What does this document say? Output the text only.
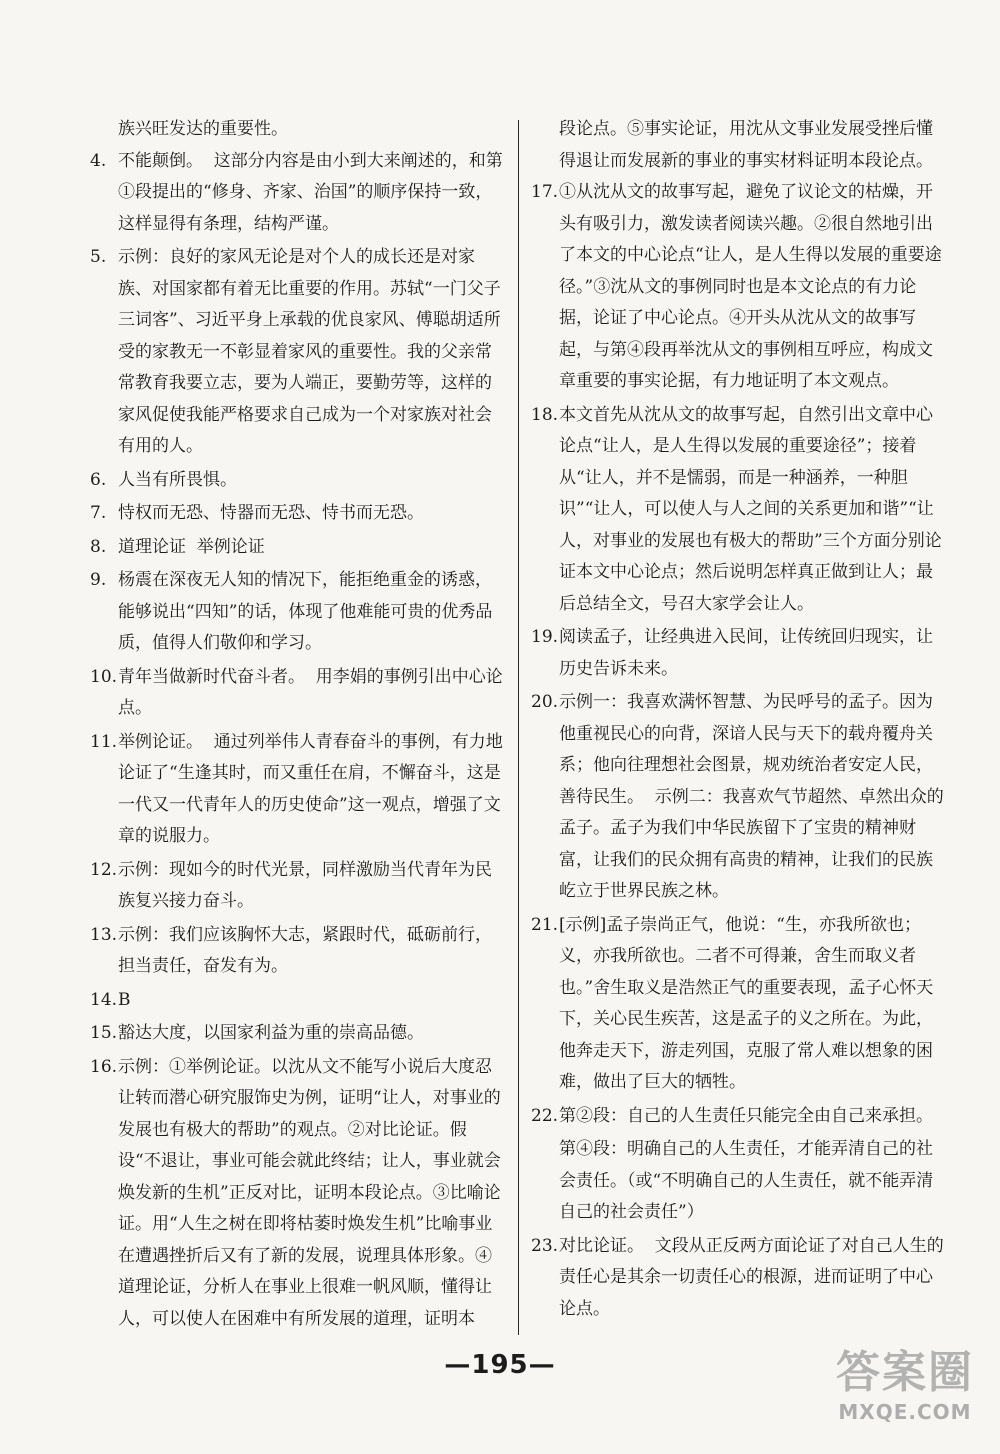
族兴旺发达的重要性。
4. 不能颠倒。  这部分内容是由小到大来阐述的，和第①段提出的“修身、齐家、治国”的顺序保持一致，这样显得有条理，结构严谨。
5. 示例：良好的家风无论是对个人的成长还是对家族、对国家都有着无比重要的作用。苏轼“一门父子三词客”、习近平身上承载的优良家风、傅聪胡适所受的家教无一不彰显着家风的重要性。我的父亲常常教育我要立志，要为人端正，要勤劳等，这样的家风促使我能严格要求自己成为一个对家族对社会有用的人。
6. 人当有所畏惧。
7. 恃权而无恐、恃器而无恐、恃书而无恐。
8. 道理论证  举例论证
9. 杨震在深夜无人知的情况下，能拒绝重金的诱惑，能够说出“四知”的话，体现了他难能可贵的优秀品质，值得人们敬仰和学习。
10. 青年当做新时代奋斗者。  用李娟的事例引出中心论点。
11. 举例论证。  通过列举伟人青春奋斗的事例，有力地论证了“生逢其时，而又重任在肩，不懈奋斗，这是一代又一代青年人的历史使命”这一观点，增强了文章的说服力。
12. 示例：现如今的时代光景，同样激励当代青年为民族复兴接力奋斗。
13. 示例：我们应该胸怀大志，紧跟时代，砥砺前行，担当责任，奋发有为。
14. B
15. 豁达大度，以国家利益为重的崇高品德。
16. 示例：①举例论证。以沈从文不能写小说后大度忍让转而潜心研究服饰史为例，证明“让人，对事业的发展也有极大的帮助”的观点。②对比论证。假设“不退让，事业可能会就此终结；让人，事业就会焕发新的生机”正反对比，证明本段论点。③比喻论证。用“人生之树在即将枯萎时焕发生机”比喻事业在遭遇挫折后又有了新的发展，说理具体形象。④道理论证，分析人在事业上很难一帆风顺，懂得让人，可以使人在困难中有所发展的道理，证明本
段论点。⑤事实论证，用沈从文事业发展受挫后懂得退让而发展新的事业的事实材料证明本段论点。
17. ①从沈从文的故事写起，避免了议论文的枯燥，开头有吸引力，激发读者阅读兴趣。②很自然地引出了本文的中心论点“让人，是人生得以发展的重要途径。”③沈从文的事例同时也是本文论点的有力论据，论证了中心论点。④开头从沈从文的故事写起，与第④段再举沈从文的事例相互呼应，构成文章重要的事实论据，有力地证明了本文观点。
18. 本文首先从沈从文的故事写起，自然引出文章中心论点“让人，是人生得以发展的重要途径”；接着从“让人，并不是懦弱，而是一种涵养，一种胆识”“让人，可以使人与人之间的关系更加和谐”“让人，对事业的发展也有极大的帮助”三个方面分别论证本文中心论点；然后说明怎样真正做到让人；最后总结全文，号召大家学会让人。
19. 阅读孟子，让经典进入民间，让传统回归现实，让历史告诉未来。
20. 示例一：我喜欢满怀智慧、为民呼号的孟子。因为他重视民心的向背，深谙人民与天下的载舟覆舟关系；他向往理想社会图景，规劝统治者安定人民，善待民生。  示例二：我喜欢气节超然、卓然出众的孟子。孟子为我们中华民族留下了宝贵的精神财富，让我们的民众拥有高贵的精神，让我们的民族屹立于世界民族之林。
21. [示例]孟子崇尚正气，他说：“生，亦我所欲也；义，亦我所欲也。二者不可得兼，舍生而取义者也。”舍生取义是浩然正气的重要表现，孟子心怀天下，关心民生疾苦，这是孟子的义之所在。为此，他奔走天下，游走列国，克服了常人难以想象的困难，做出了巨大的牺牲。
22. 第②段：自己的人生责任只能完全由自己来承担。
第④段：明确自己的人生责任，才能弄清自己的社会责任。（或“不明确自己的人生责任，就不能弄清自己的社会责任”）
23. 对比论证。  文段从正反两方面论证了对自己人生的责任心是其余一切责任心的根源，进而证明了中心论点。
—195—	答案圈
MXQE.COM
